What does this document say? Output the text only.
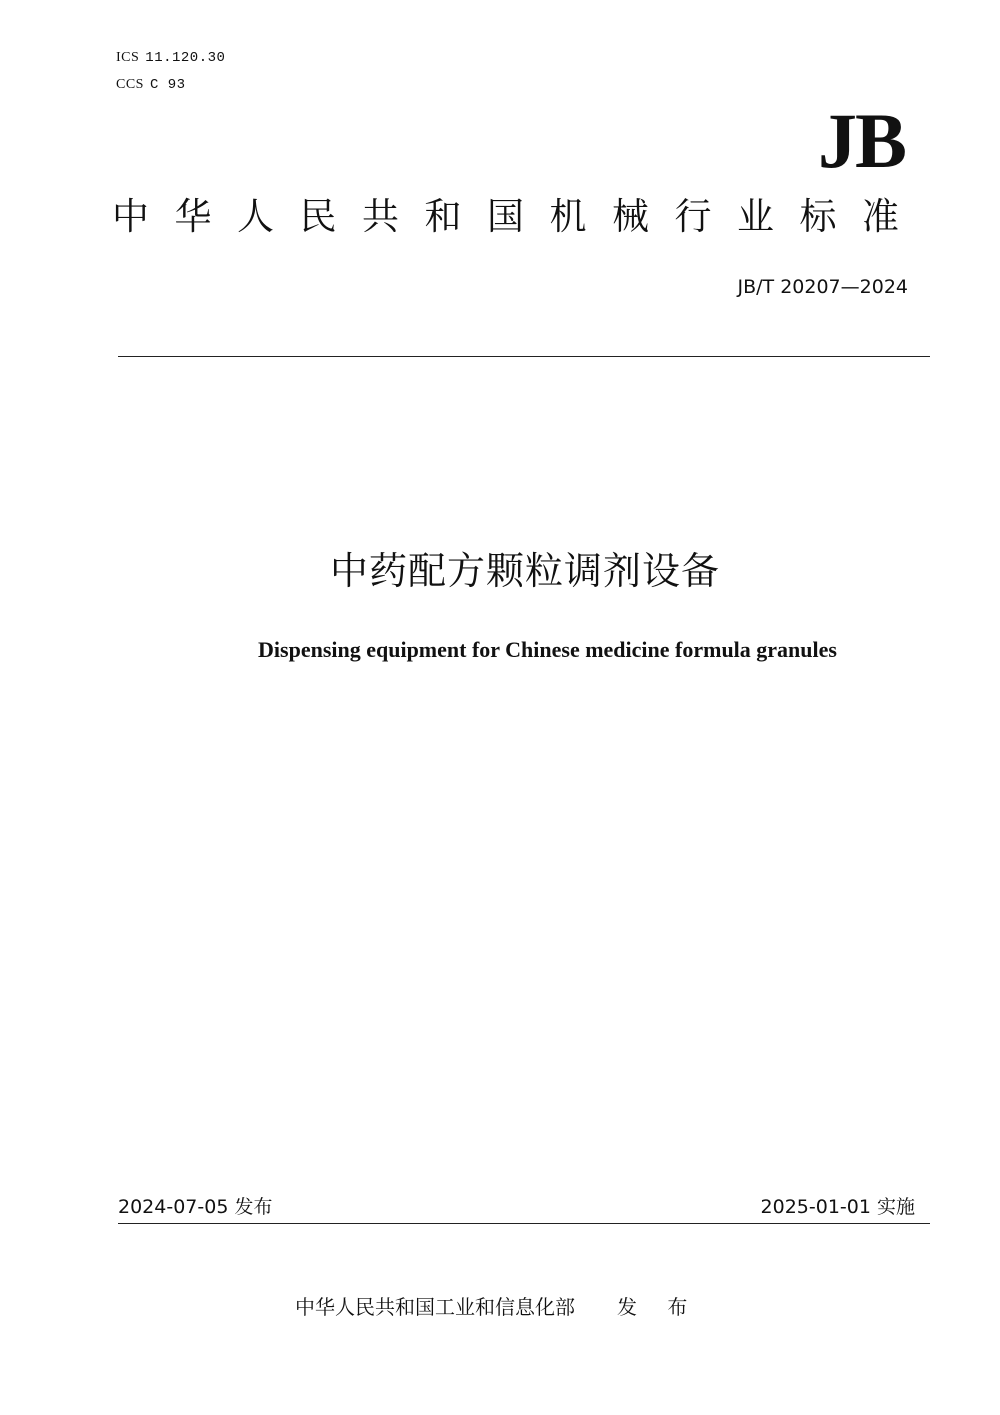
ICS 11.120.30
CCS C 93
JB
中华人民共和国机械行业标准
JB/T 20207—2024
中药配方颗粒调剂设备
Dispensing equipment for Chinese medicine formula granules
2024-07-05 发布	2025-01-01 实施
中华人民共和国工业和信息化部 发 布
